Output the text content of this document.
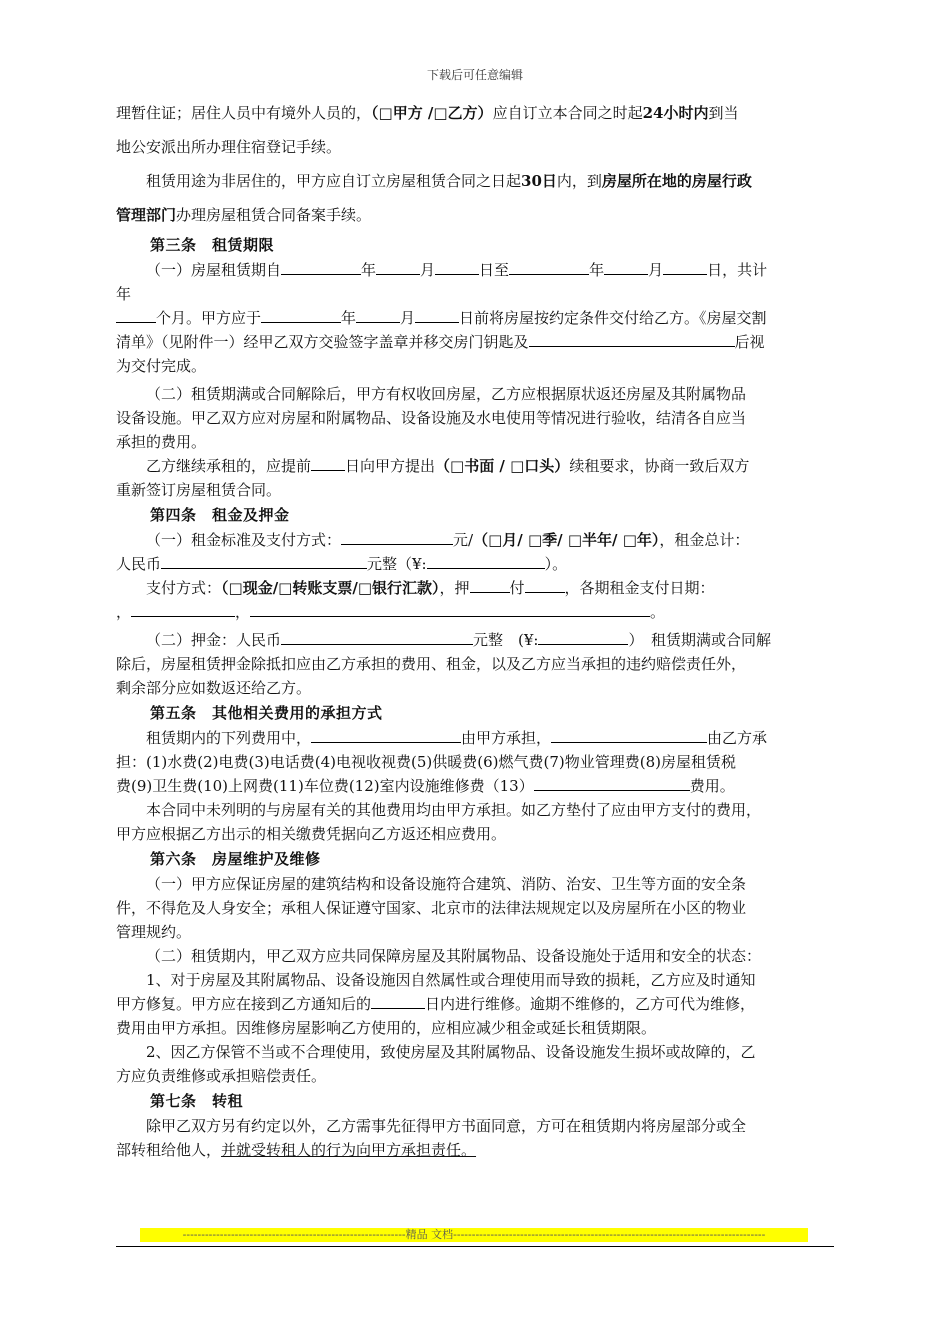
下载后可任意编辑

理暂住证；居住人员中有境外人员的，（□甲方 /□乙方）应自订立本合同之时起24小时内到当

地公安派出所办理住宿登记手续。

租赁用途为非居住的，甲方应自订立房屋租赁合同之日起30日内，到房屋所在地的房屋行政

管理部门办理房屋租赁合同备案手续。

第三条　租赁期限

（一）房屋租赁期自	年	月	日至	年	月	日，共计

年

个月。甲方应于	年	月	日前将房屋按约定条件交付给乙方。《房屋交割

清单》（见附件一）经甲乙双方交验签字盖章并移交房门钥匙及	后视

为交付完成。

（二）租赁期满或合同解除后，甲方有权收回房屋，乙方应根据原状返还房屋及其附属物品

设备设施。甲乙双方应对房屋和附属物品、设备设施及水电使用等情况进行验收，结清各自应当

承担的费用。

乙方继续承租的，应提前 日向甲方提出（□书面 / □口头）续租要求，协商一致后双方

重新签订房屋租赁合同。

第四条　租金及押金

（一）租金标准及支付方式：	元/（□月/ □季/ □半年/ □年），租金总计：

人民币	元整（¥:	）。

支付方式：（□现金/□转账支票/□银行汇款），押	付	，各期租金支付日期：

，	，	。

（二）押金：人民币	元整　(¥:	）　租赁期满或合同解

除后，房屋租赁押金除抵扣应由乙方承担的费用、租金，以及乙方应当承担的违约赔偿责任外，

剩余部分应如数返还给乙方。

第五条　其他相关费用的承担方式

租赁期内的下列费用中，	由甲方承担，	由乙方承

担：(1)水费(2)电费(3)电话费(4)电视收视费(5)供暖费(6)燃气费(7)物业管理费(8)房屋租赁税

费(9)卫生费(10)上网费(11)车位费(12)室内设施维修费（13）	费用。

本合同中未列明的与房屋有关的其他费用均由甲方承担。如乙方垫付了应由甲方支付的费用，

甲方应根据乙方出示的相关缴费凭据向乙方返还相应费用。

第六条　房屋维护及维修

（一）甲方应保证房屋的建筑结构和设备设施符合建筑、消防、治安、卫生等方面的安全条

件，不得危及人身安全；承租人保证遵守国家、北京市的法律法规规定以及房屋所在小区的物业

管理规约。

（二）租赁期内，甲乙双方应共同保障房屋及其附属物品、设备设施处于适用和安全的状态：

1、对于房屋及其附属物品、设备设施因自然属性或合理使用而导致的损耗，乙方应及时通知

甲方修复。甲方应在接到乙方通知后的	日内进行维修。逾期不维修的，乙方可代为维修，

费用由甲方承担。因维修房屋影响乙方使用的，应相应减少租金或延长租赁期限。

2、因乙方保管不当或不合理使用，致使房屋及其附属物品、设备设施发生损坏或故障的，乙

方应负责维修或承担赔偿责任。

第七条　转租

除甲乙双方另有约定以外，乙方需事先征得甲方书面同意，方可在租赁期内将房屋部分或全

部转租给他人，并就受转租人的行为向甲方承担责任。

------------------------------------------------------------精品 文档------------------------------------------------------------------------------------
